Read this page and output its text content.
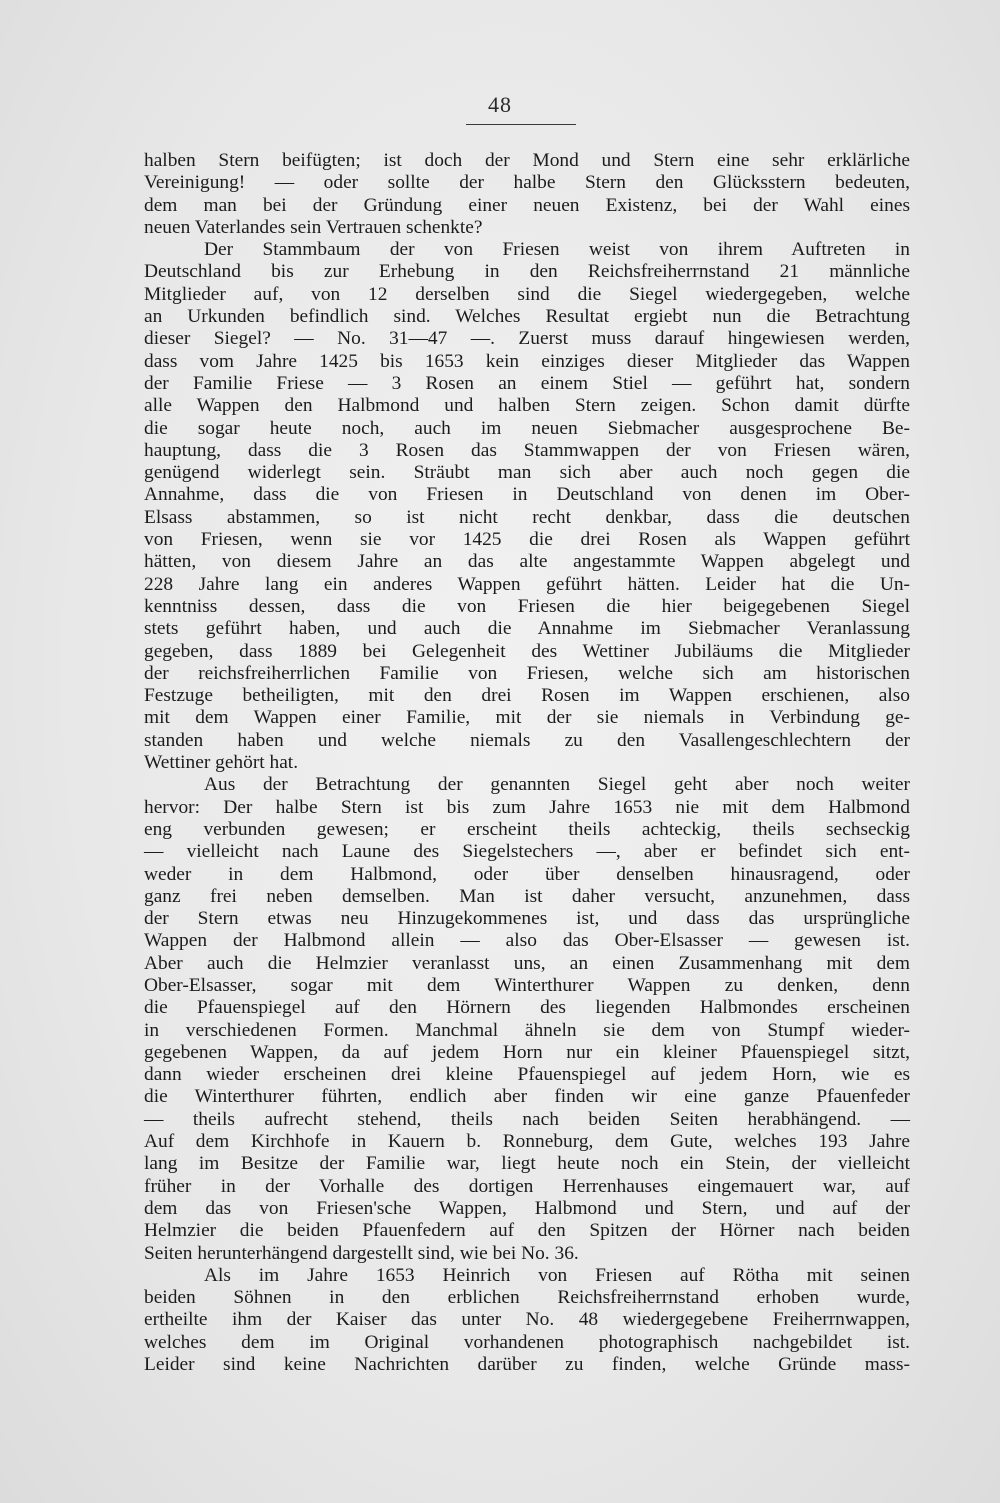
48
halben Stern beifügten; ist doch der Mond und Stern eine sehr erklärliche
Vereinigung! — oder sollte der halbe Stern den Glücksstern bedeuten,
dem man bei der Gründung einer neuen Existenz, bei der Wahl eines
neuen Vaterlandes sein Vertrauen schenkte?
Der Stammbaum der von Friesen weist von ihrem Auftreten in
Deutschland bis zur Erhebung in den Reichsfreiherrnstand 21 männliche
Mitglieder auf, von 12 derselben sind die Siegel wiedergegeben, welche
an Urkunden befindlich sind. Welches Resultat ergiebt nun die Betrachtung
dieser Siegel? — No. 31—47 —. Zuerst muss darauf hingewiesen werden,
dass vom Jahre 1425 bis 1653 kein einziges dieser Mitglieder das Wappen
der Familie Friese — 3 Rosen an einem Stiel — geführt hat, sondern
alle Wappen den Halbmond und halben Stern zeigen. Schon damit dürfte
die sogar heute noch, auch im neuen Siebmacher ausgesprochene Be-
hauptung, dass die 3 Rosen das Stammwappen der von Friesen wären,
genügend widerlegt sein. Sträubt man sich aber auch noch gegen die
Annahme, dass die von Friesen in Deutschland von denen im Ober-
Elsass abstammen, so ist nicht recht denkbar, dass die deutschen
von Friesen, wenn sie vor 1425 die drei Rosen als Wappen geführt
hätten, von diesem Jahre an das alte angestammte Wappen abgelegt und
228 Jahre lang ein anderes Wappen geführt hätten. Leider hat die Un-
kenntniss dessen, dass die von Friesen die hier beigegebenen Siegel
stets geführt haben, und auch die Annahme im Siebmacher Veranlassung
gegeben, dass 1889 bei Gelegenheit des Wettiner Jubiläums die Mitglieder
der reichsfreiherrlichen Familie von Friesen, welche sich am historischen
Festzuge betheiligten, mit den drei Rosen im Wappen erschienen, also
mit dem Wappen einer Familie, mit der sie niemals in Verbindung ge-
standen haben und welche niemals zu den Vasallengeschlechtern der
Wettiner gehört hat.
Aus der Betrachtung der genannten Siegel geht aber noch weiter
hervor: Der halbe Stern ist bis zum Jahre 1653 nie mit dem Halbmond
eng verbunden gewesen; er erscheint theils achteckig, theils sechseckig
— vielleicht nach Laune des Siegelstechers —, aber er befindet sich ent-
weder in dem Halbmond, oder über denselben hinausragend, oder
ganz frei neben demselben. Man ist daher versucht, anzunehmen, dass
der Stern etwas neu Hinzugekommenes ist, und dass das ursprüngliche
Wappen der Halbmond allein — also das Ober-Elsasser — gewesen ist.
Aber auch die Helmzier veranlasst uns, an einen Zusammenhang mit dem
Ober-Elsasser, sogar mit dem Winterthurer Wappen zu denken, denn
die Pfauenspiegel auf den Hörnern des liegenden Halbmondes erscheinen
in verschiedenen Formen. Manchmal ähneln sie dem von Stumpf wieder-
gegebenen Wappen, da auf jedem Horn nur ein kleiner Pfauenspiegel sitzt,
dann wieder erscheinen drei kleine Pfauenspiegel auf jedem Horn, wie es
die Winterthurer führten, endlich aber finden wir eine ganze Pfauenfeder
— theils aufrecht stehend, theils nach beiden Seiten herabhängend. —
Auf dem Kirchhofe in Kauern b. Ronneburg, dem Gute, welches 193 Jahre
lang im Besitze der Familie war, liegt heute noch ein Stein, der vielleicht
früher in der Vorhalle des dortigen Herrenhauses eingemauert war, auf
dem das von Friesen'sche Wappen, Halbmond und Stern, und auf der
Helmzier die beiden Pfauenfedern auf den Spitzen der Hörner nach beiden
Seiten herunterhängend dargestellt sind, wie bei No. 36.
Als im Jahre 1653 Heinrich von Friesen auf Rötha mit seinen
beiden Söhnen in den erblichen Reichsfreiherrnstand erhoben wurde,
ertheilte ihm der Kaiser das unter No. 48 wiedergegebene Freiherrnwappen,
welches dem im Original vorhandenen photographisch nachgebildet ist.
Leider sind keine Nachrichten darüber zu finden, welche Gründe mass-
